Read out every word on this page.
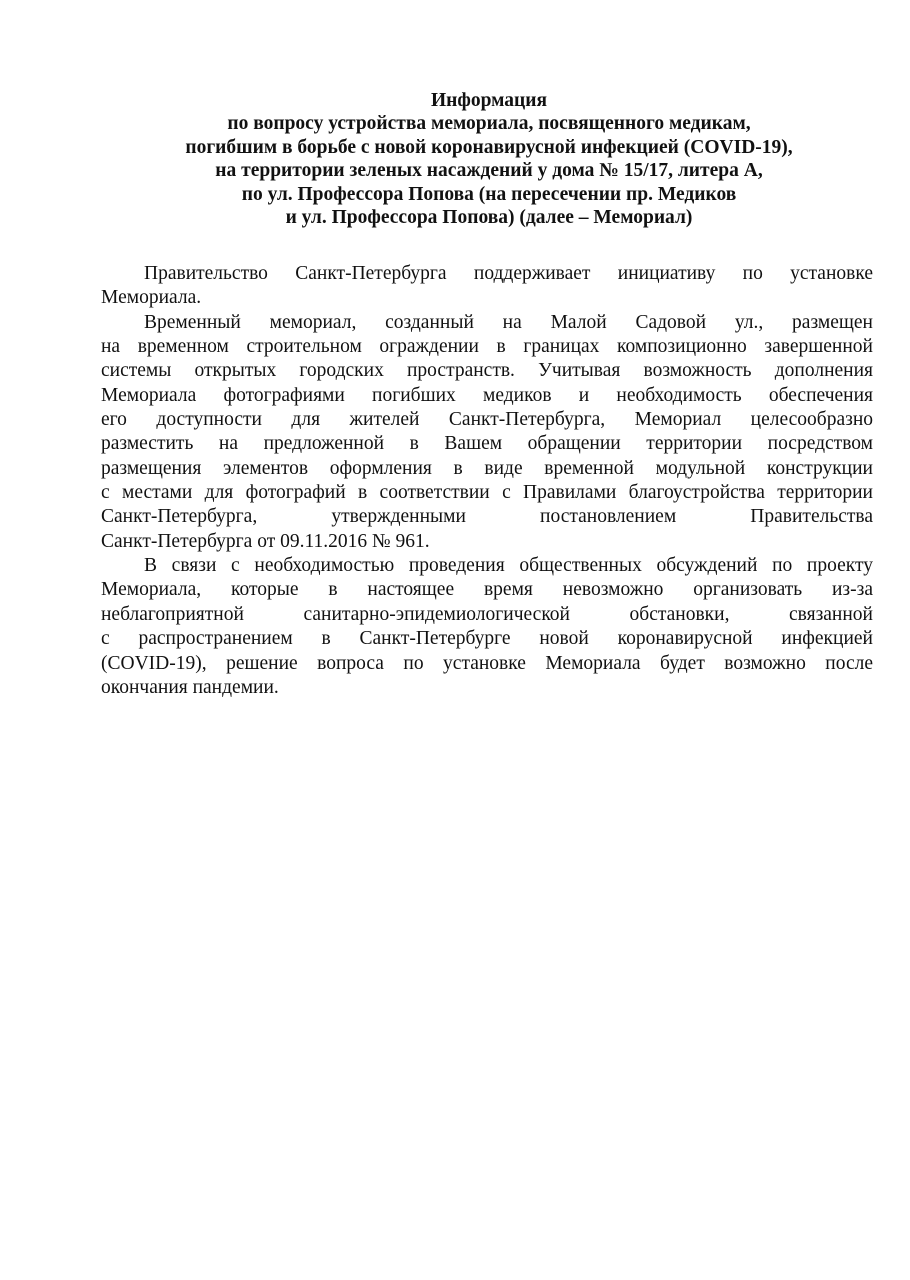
Информация
по вопросу устройства мемориала, посвященного медикам,
погибшим в борьбе с новой коронавирусной инфекцией (COVID-19),
на территории зеленых насаждений у дома № 15/17, литера А,
по ул. Профессора Попова (на пересечении пр. Медиков
и ул. Профессора Попова) (далее – Мемориал)
Правительство Санкт-Петербурга поддерживает инициативу по установке
Мемориала.
Временный мемориал, созданный на Малой Садовой ул., размещен
на временном строительном ограждении в границах композиционно завершенной
системы открытых городских пространств. Учитывая возможность дополнения
Мемориала фотографиями погибших медиков и необходимость обеспечения
его доступности для жителей Санкт-Петербурга, Мемориал целесообразно
разместить на предложенной в Вашем обращении территории посредством
размещения элементов оформления в виде временной модульной конструкции
с местами для фотографий в соответствии с Правилами благоустройства территории
Санкт-Петербурга, утвержденными постановлением Правительства
Санкт-Петербурга от 09.11.2016 № 961.
В связи с необходимостью проведения общественных обсуждений по проекту
Мемориала, которые в настоящее время невозможно организовать из-за
неблагоприятной санитарно-эпидемиологической обстановки, связанной
с распространением в Санкт-Петербурге новой коронавирусной инфекцией
(COVID-19), решение вопроса по установке Мемориала будет возможно после
окончания пандемии.
